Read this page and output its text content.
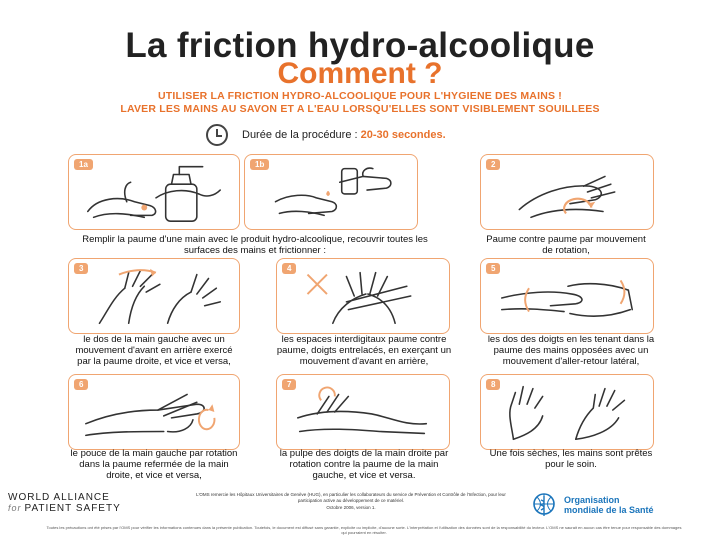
La friction hydro-alcoolique
Comment ?
UTILISER LA FRICTION HYDRO-ALCOOLIQUE POUR L'HYGIENE DES MAINS !
LAVER LES MAINS AU SAVON ET A L'EAU LORSQU'ELLES SONT VISIBLEMENT SOUILLEES
Durée de la procédure : 20-30 secondes.
1a	1b	2
Remplir la paume d'une main avec le produit hydro-alcoolique, recouvrir toutes les surfaces des mains et frictionner :
Paume contre paume par mouvement de rotation,
3	4	5
le dos de la main gauche avec un mouvement d'avant en arrière exercé par la paume droite, et vice et versa,
les espaces interdigitaux paume contre paume, doigts entrelacés, en exerçant un mouvement d'avant en arrière,
les dos des doigts en les tenant dans la paume des mains opposées avec un mouvement d'aller-retour latéral,
6	7	8
le pouce de la main gauche par rotation dans la paume refermée de la main droite, et vice et versa,
la pulpe des doigts de la main droite par rotation contre la paume de la main gauche, et vice et versa.
Une fois sèches, les mains sont prêtes pour le soin.
WORLD ALLIANCE
for PATIENT SAFETY
L'OMS remercie les Hôpitaux Universitaires de Genève (HUG), en particulier les collaborateurs du service de Prévention et Contrôle de l'Infection, pour leur participation active au développement de ce matériel.
Octobre 2006, version 1.
Organisation
mondiale de la Santé
Toutes les précautions ont été prises par l'OMS pour vérifier les informations contenues dans la présente publication. Toutefois, le document est diffusé sans garantie, explicite ou implicite, d'aucune sorte. L'interprétation et l'utilisation des données sont de la responsabilité du lecteur. L'OMS ne saurait en aucun cas être tenue pour responsable des dommages qui pourraient en résulter.
